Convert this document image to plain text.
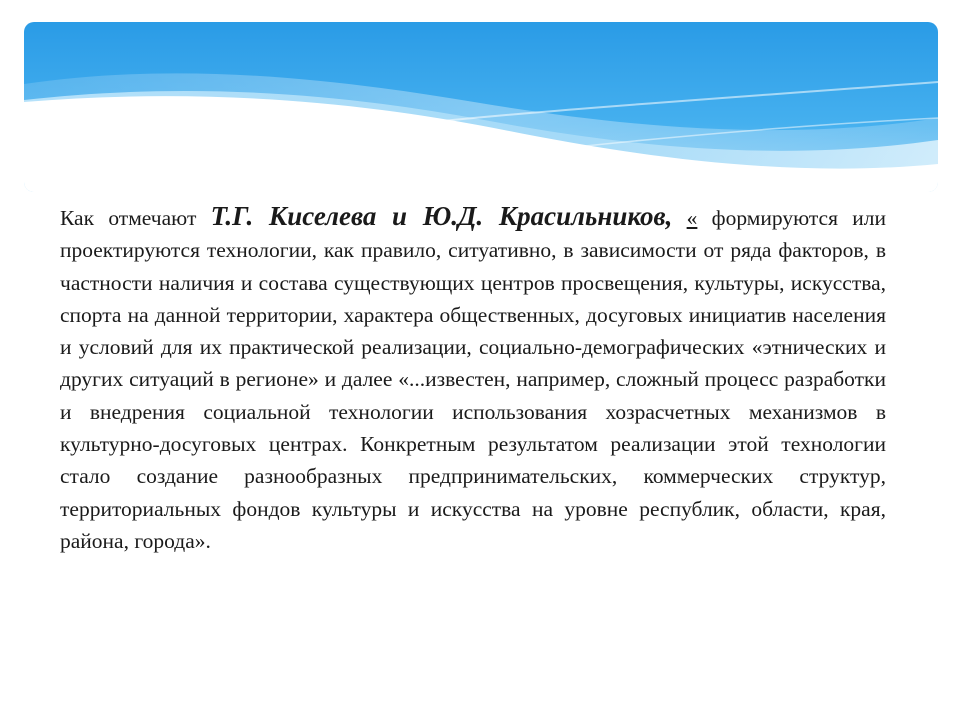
Как отмечают Т.Г. Киселева и Ю.Д. Красильников, « формируются или проектируются технологии, как правило, ситуативно, в зависимости от ряда факторов, в частности наличия и состава существующих центров просвещения, культуры, искусства, спорта на данной территории, характера общественных, досуговых инициатив населения и условий для их практической реализации, социально-демографических «этнических и других ситуаций в регионе» и далее «...известен, например, сложный процесс разработки и внедрения социальной технологии использования хозрасчетных механизмов в культурно-досуговых центрах. Конкретным результатом реализации этой технологии стало создание разнообразных предпринимательских, коммерческих структур, территориальных фондов культуры и искусства на уровне республик, области, края, района, города».
